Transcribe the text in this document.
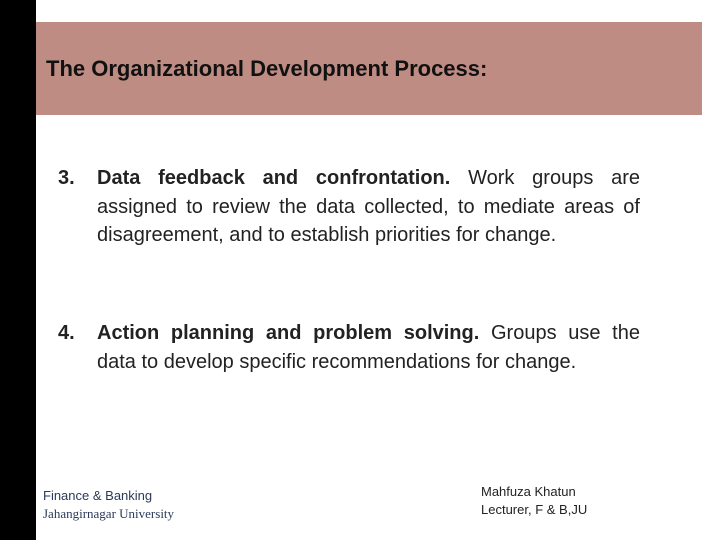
The Organizational Development Process:
3. Data feedback and confrontation. Work groups are assigned to review the data collected, to mediate areas of disagreement, and to establish priorities for change.
4. Action planning and problem solving. Groups use the data to develop specific recommendations for change.
Finance & Banking
Jahangirnagar University
Mahfuza Khatun
Lecturer, F & B,JU
